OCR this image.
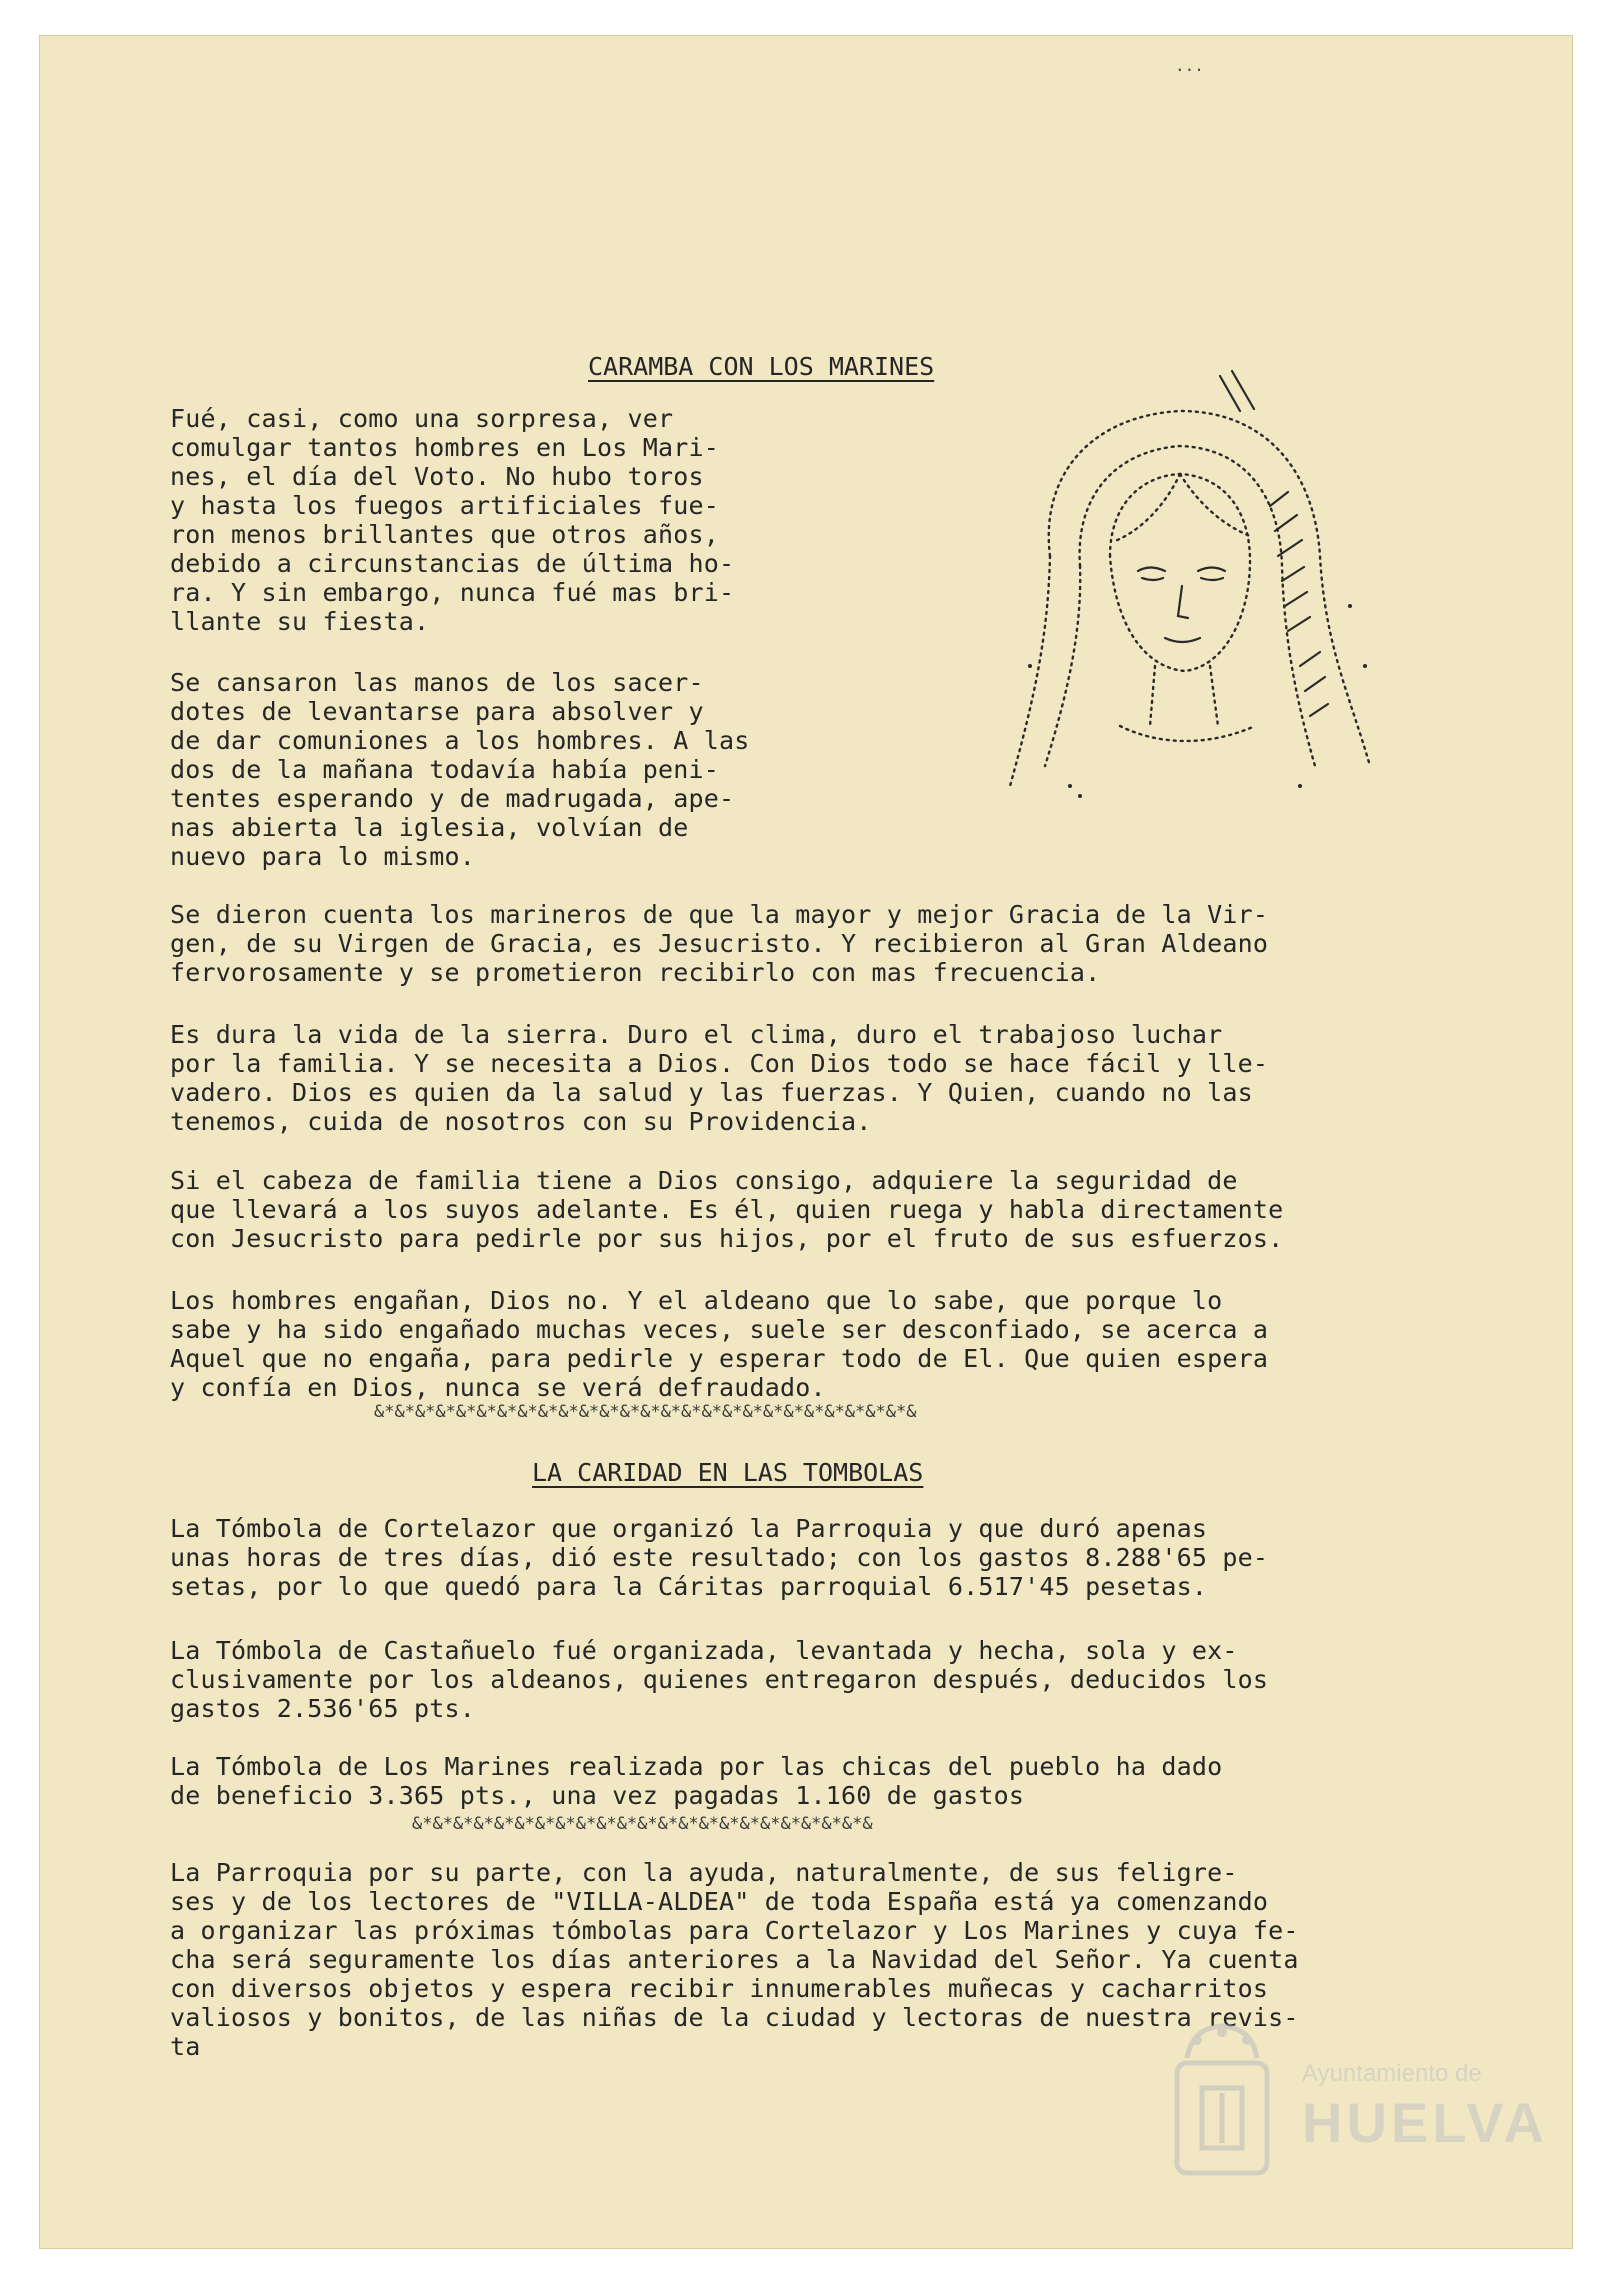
...
CARAMBA CON LOS MARINES
Fué, casi, como una sorpresa, ver
comulgar tantos hombres en Los Mari-
nes, el día del Voto. No hubo toros
y hasta los fuegos artificiales fue-
ron menos brillantes que otros años,
debido a circunstancias de última ho-
ra. Y sin embargo, nunca fué mas bri-
llante su fiesta.
Se cansaron las manos de los sacer-
dotes de levantarse para absolver y
de dar comuniones a los hombres. A las
dos de la mañana todavía había peni-
tentes esperando y de madrugada, ape-
nas abierta la iglesia, volvían de
nuevo para lo mismo.
Se dieron cuenta los marineros de que la mayor y mejor Gracia de la Vir-
gen, de su Virgen de Gracia, es Jesucristo. Y recibieron al Gran Aldeano
fervorosamente y se prometieron recibirlo con mas frecuencia.
Es dura la vida de la sierra. Duro el clima, duro el trabajoso luchar
por la familia. Y se necesita a Dios. Con Dios todo se hace fácil y lle-
vadero. Dios es quien da la salud y las fuerzas. Y Quien, cuando no las
tenemos, cuida de nosotros con su Providencia.
Si el cabeza de familia tiene a Dios consigo, adquiere la seguridad de
que llevará a los suyos adelante. Es él, quien ruega y habla directamente
con Jesucristo para pedirle por sus hijos, por el fruto de sus esfuerzos.
Los hombres engañan, Dios no. Y el aldeano que lo sabe, que porque lo
sabe y ha sido engañado muchas veces, suele ser desconfiado, se acerca a
Aquel que no engaña, para pedirle y esperar todo de El. Que quien espera
y confía en Dios, nunca se verá defraudado.
&*&*&*&*&*&*&*&*&*&*&*&*&*&*&*&*&*&*&*&*&*&*&*&*&*&*&
LA CARIDAD EN LAS TOMBOLAS
La Tómbola de Cortelazor que organizó la Parroquia y que duró apenas
unas horas de tres días, dió este resultado; con los gastos 8.288'65 pe-
setas, por lo que quedó para la Cáritas parroquial 6.517'45 pesetas.
La Tómbola de Castañuelo fué organizada, levantada y hecha, sola y ex-
clusivamente por los aldeanos, quienes entregaron después, deducidos los
gastos 2.536'65 pts.
La Tómbola de Los Marines realizada por las chicas del pueblo ha dado
de beneficio 3.365 pts., una vez pagadas 1.160 de gastos
&*&*&*&*&*&*&*&*&*&*&*&*&*&*&*&*&*&*&*&*&*&*&
La Parroquia por su parte, con la ayuda, naturalmente, de sus feligre-
ses y de los lectores de "VILLA-ALDEA" de toda España está ya comenzando
a organizar las próximas tómbolas para Cortelazor y Los Marines y cuya fe-
cha será seguramente los días anteriores a la Navidad del Señor. Ya cuenta
con diversos objetos y espera recibir innumerables muñecas y cacharritos
valiosos y bonitos, de las niñas de la ciudad y lectoras de nuestra revis-
ta
Ayuntamiento de
HUELVA
